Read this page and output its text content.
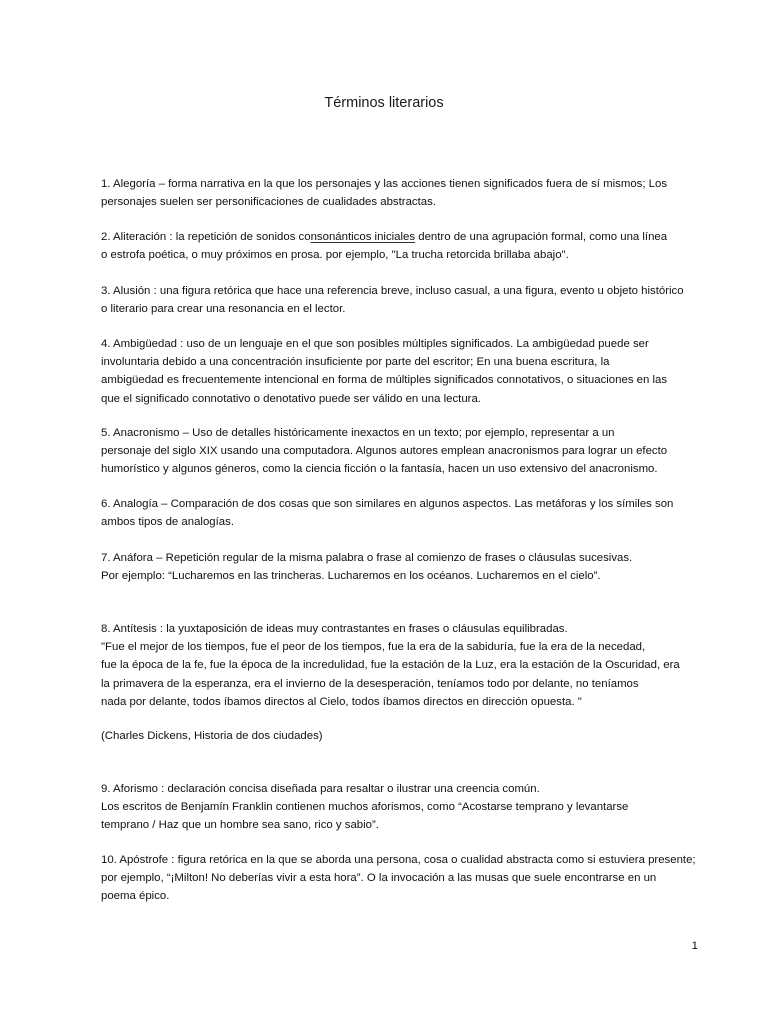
Términos literarios
1. Alegoría – forma narrativa en la que los personajes y las acciones tienen significados fuera de sí mismos; Los
personajes suelen ser personificaciones de cualidades abstractas.
2. Aliteración : la repetición de sonidos consonánticos iniciales dentro de una agrupación formal, como una línea
o estrofa poética, o muy próximos en prosa. por ejemplo, "La trucha retorcida brillaba abajo".
3. Alusión : una figura retórica que hace una referencia breve, incluso casual, a una figura, evento u objeto histórico
o literario para crear una resonancia en el lector.
4. Ambigüedad : uso de un lenguaje en el que son posibles múltiples significados. La ambigüedad puede ser
involuntaria debido a una concentración insuficiente por parte del escritor; En una buena escritura, la
ambigüedad es frecuentemente intencional en forma de múltiples significados connotativos, o situaciones en las
que el significado connotativo o denotativo puede ser válido en una lectura.
5. Anacronismo – Uso de detalles históricamente inexactos en un texto; por ejemplo, representar a un
personaje del siglo XIX usando una computadora. Algunos autores emplean anacronismos para lograr un efecto
humorístico y algunos géneros, como la ciencia ficción o la fantasía, hacen un uso extensivo del anacronismo.
6. Analogía – Comparación de dos cosas que son similares en algunos aspectos. Las metáforas y los símiles son
ambos tipos de analogías.
7. Anáfora – Repetición regular de la misma palabra o frase al comienzo de frases o cláusulas sucesivas.
Por ejemplo: “Lucharemos en las trincheras. Lucharemos en los océanos. Lucharemos en el cielo”.
8. Antítesis : la yuxtaposición de ideas muy contrastantes en frases o cláusulas equilibradas.
"Fue el mejor de los tiempos, fue el peor de los tiempos, fue la era de la sabiduría, fue la era de la necedad,
fue la época de la fe, fue la época de la incredulidad, fue la estación de la Luz, era la estación de la Oscuridad, era
la primavera de la esperanza, era el invierno de la desesperación, teníamos todo por delante, no teníamos
nada por delante, todos íbamos directos al Cielo, todos íbamos directos en dirección opuesta. "
(Charles Dickens, Historia de dos ciudades)
9. Aforismo : declaración concisa diseñada para resaltar o ilustrar una creencia común.
Los escritos de Benjamín Franklin contienen muchos aforismos, como “Acostarse temprano y levantarse
temprano / Haz que un hombre sea sano, rico y sabio”.
10. Apóstrofe : figura retórica en la que se aborda una persona, cosa o cualidad abstracta como si estuviera presente;
por ejemplo, “¡Milton! No deberías vivir a esta hora”. O la invocación a las musas que suele encontrarse en un
poema épico.
1
